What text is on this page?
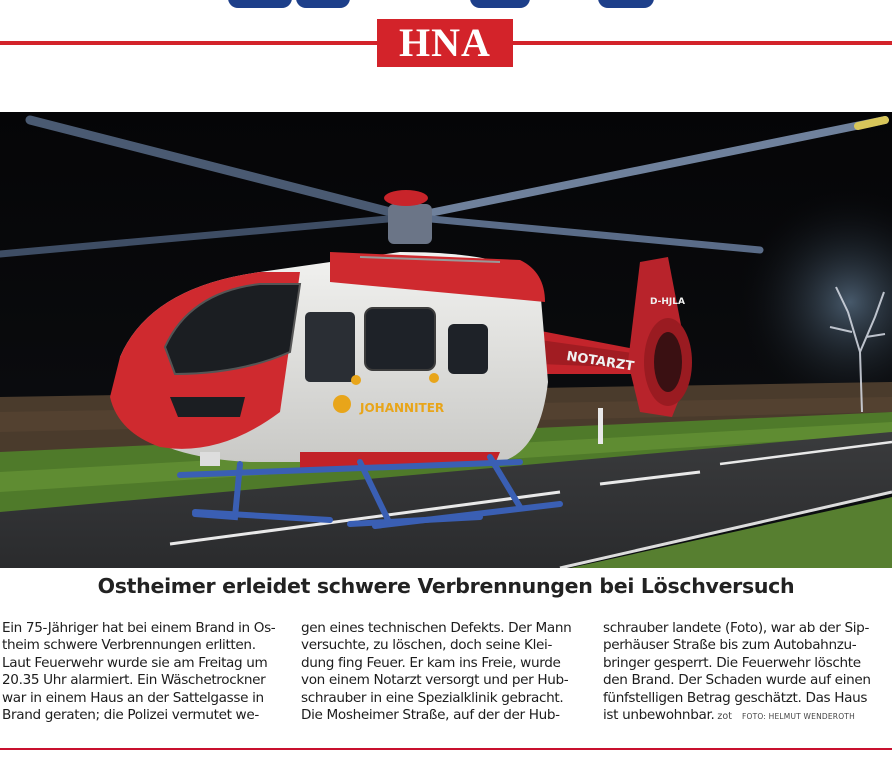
HNA
JOHANNITER
NOTARZT
D-HJLA
Ostheimer erleidet schwere Verbrennungen bei Löschversuch
Ein 75-Jähriger hat bei einem Brand in Os-
theim schwere Verbrennungen erlitten.
Laut Feuerwehr wurde sie am Freitag um
20.35 Uhr alarmiert. Ein Wäschetrockner
war in einem Haus an der Sattelgasse in
Brand geraten; die Polizei vermutet we-
gen eines technischen Defekts. Der Mann
versuchte, zu löschen, doch seine Klei-
dung fing Feuer. Er kam ins Freie, wurde
von einem Notarzt versorgt und per Hub-
schrauber in eine Spezialklinik gebracht.
Die Mosheimer Straße, auf der der Hub-
schrauber landete (Foto), war ab der Sip-
perhäuser Straße bis zum Autobahnzu-
bringer gesperrt. Die Feuerwehr löschte
den Brand. Der Schaden wurde auf einen
fünfstelligen Betrag geschätzt. Das Haus
ist unbewohnbar. zot FOTO: HELMUT WENDEROTH
